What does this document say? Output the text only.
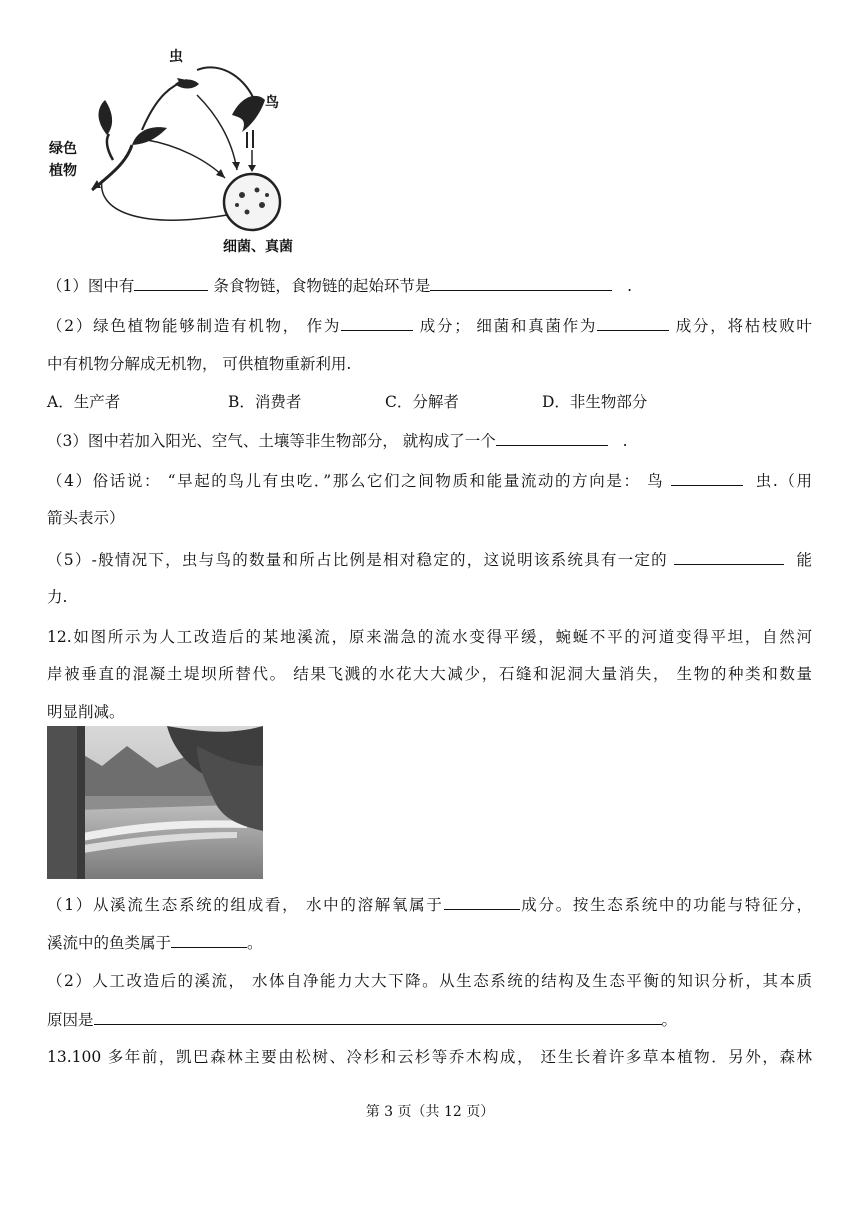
虫
鸟
绿色
植物
细菌、真菌
（1）图中有	条食物链，食物链的起始环节是	.
（2）绿色植物能够制造有机物， 作为	成分； 细菌和真菌作为	成分，将枯枝败叶
中有机物分解成无机物， 可供植物重新利用.
A．生产者	B．消费者	C．分解者	D．非生物部分
（3）图中若加入阳光、空气、土壤等非生物部分， 就构成了一个	.
（4）俗话说： “早起的鸟儿有虫吃．”那么它们之间物质和能量流动的方向是： 鸟	虫.（用
箭头表示）
（5）-般情况下，虫与鸟的数量和所占比例是相对稳定的，这说明该系统具有一定的	能
力.
12.如图所示为人工改造后的某地溪流，原来湍急的流水变得平缓，蜿蜒不平的河道变得平坦，自然河
岸被垂直的混凝土堤坝所替代。 结果飞溅的水花大大减少，石缝和泥洞大量消失， 生物的种类和数量
明显削减。
（1）从溪流生态系统的组成看， 水中的溶解氧属于	成分。按生态系统中的功能与特征分，
溪流中的鱼类属于	。
（2）人工改造后的溪流， 水体自净能力大大下降。从生态系统的结构及生态平衡的知识分析，其本质
原因是	。
13.100 多年前，凯巴森林主要由松树、冷杉和云杉等乔木构成， 还生长着许多草本植物．另外，森林
第 3 页（共 12 页）
